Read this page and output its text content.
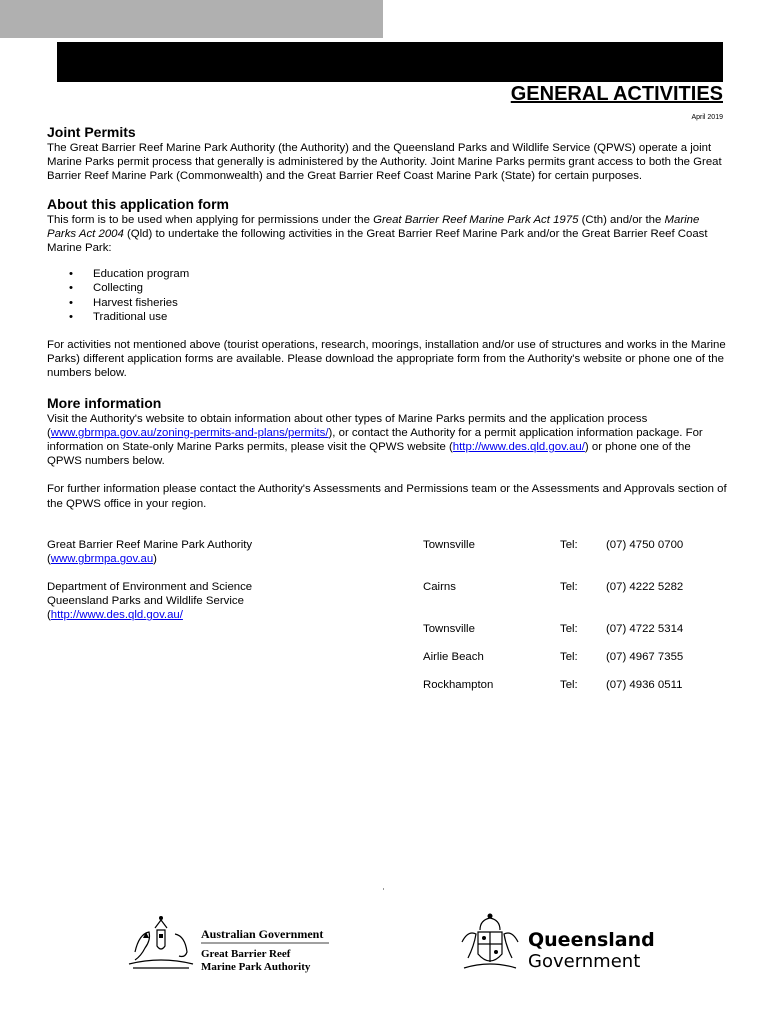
GENERAL ACTIVITIES
April 2019
Joint Permits

The Great Barrier Reef Marine Park Authority (the Authority) and the Queensland Parks and Wildlife Service (QPWS) operate a joint Marine Parks permit process that generally is administered by the Authority. Joint Marine Parks permits grant access to both the Great Barrier Reef Marine Park (Commonwealth) and the Great Barrier Reef Coast Marine Park (State) for certain purposes.

About this application form

This form is to be used when applying for permissions under the Great Barrier Reef Marine Park Act 1975 (Cth) and/or the Marine Parks Act 2004 (Qld) to undertake the following activities in the Great Barrier Reef Marine Park and/or the Great Barrier Reef Coast Marine Park:

• Education program
• Collecting
• Harvest fisheries
• Traditional use

For activities not mentioned above (tourist operations, research, moorings, installation and/or use of structures and works in the Marine Parks) different application forms are available. Please download the appropriate form from the Authority's website or phone one of the numbers below.

More information

Visit the Authority's website to obtain information about other types of Marine Parks permits and the application process (www.gbrmpa.gov.au/zoning-permits-and-plans/permits/), or contact the Authority for a permit application information package. For information on State-only Marine Parks permits, please visit the QPWS website (http://www.des.qld.gov.au/) or phone one of the QPWS numbers below.

For further information please contact the Authority's Assessments and Permissions team or the Assessments and Approvals section of the QPWS office in your region.

Great Barrier Reef Marine Park Authority
(www.gbrmpa.gov.au)
Department of Environment and Science
Queensland Parks and Wildlife Service
(http://www.des.qld.gov.au/
Townsville	Tel: (07) 4750 0700
Cairns	Tel: (07) 4222 5282
Townsville	Tel: (07) 4722 5314
Airlie Beach	Tel: (07) 4967 7355
Rockhampton	Tel: (07) 4936 0511
Australian Government
Great Barrier Reef
Marine Park Authority
Queensland
Government
